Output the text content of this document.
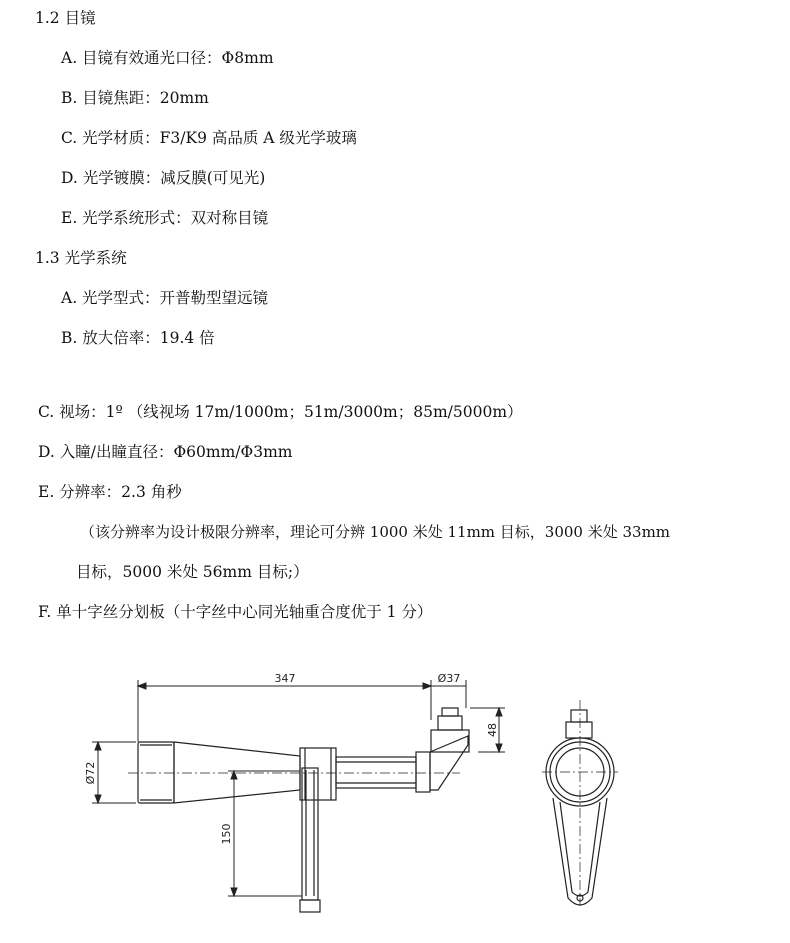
1.2 目镜
A. 目镜有效通光口径：Φ8mm
B. 目镜焦距：20mm
C. 光学材质：F3/K9 高品质 A 级光学玻璃
D. 光学镀膜：减反膜(可见光)
E. 光学系统形式：双对称目镜
1.3 光学系统
A. 光学型式：开普勒型望远镜
B. 放大倍率：19.4 倍
C. 视场：1º （线视场 17m/1000m；51m/3000m；85m/5000m）
D. 入瞳/出瞳直径：Φ60mm/Φ3mm
E. 分辨率：2.3 角秒
（该分辨率为设计极限分辨率，理论可分辨 1000 米处 11mm 目标，3000 米处 33mm
目标，5000 米处 56mm 目标;）
F. 单十字丝分划板（十字丝中心同光轴重合度优于 1 分）
347	Ø37
48
Ø72
150
